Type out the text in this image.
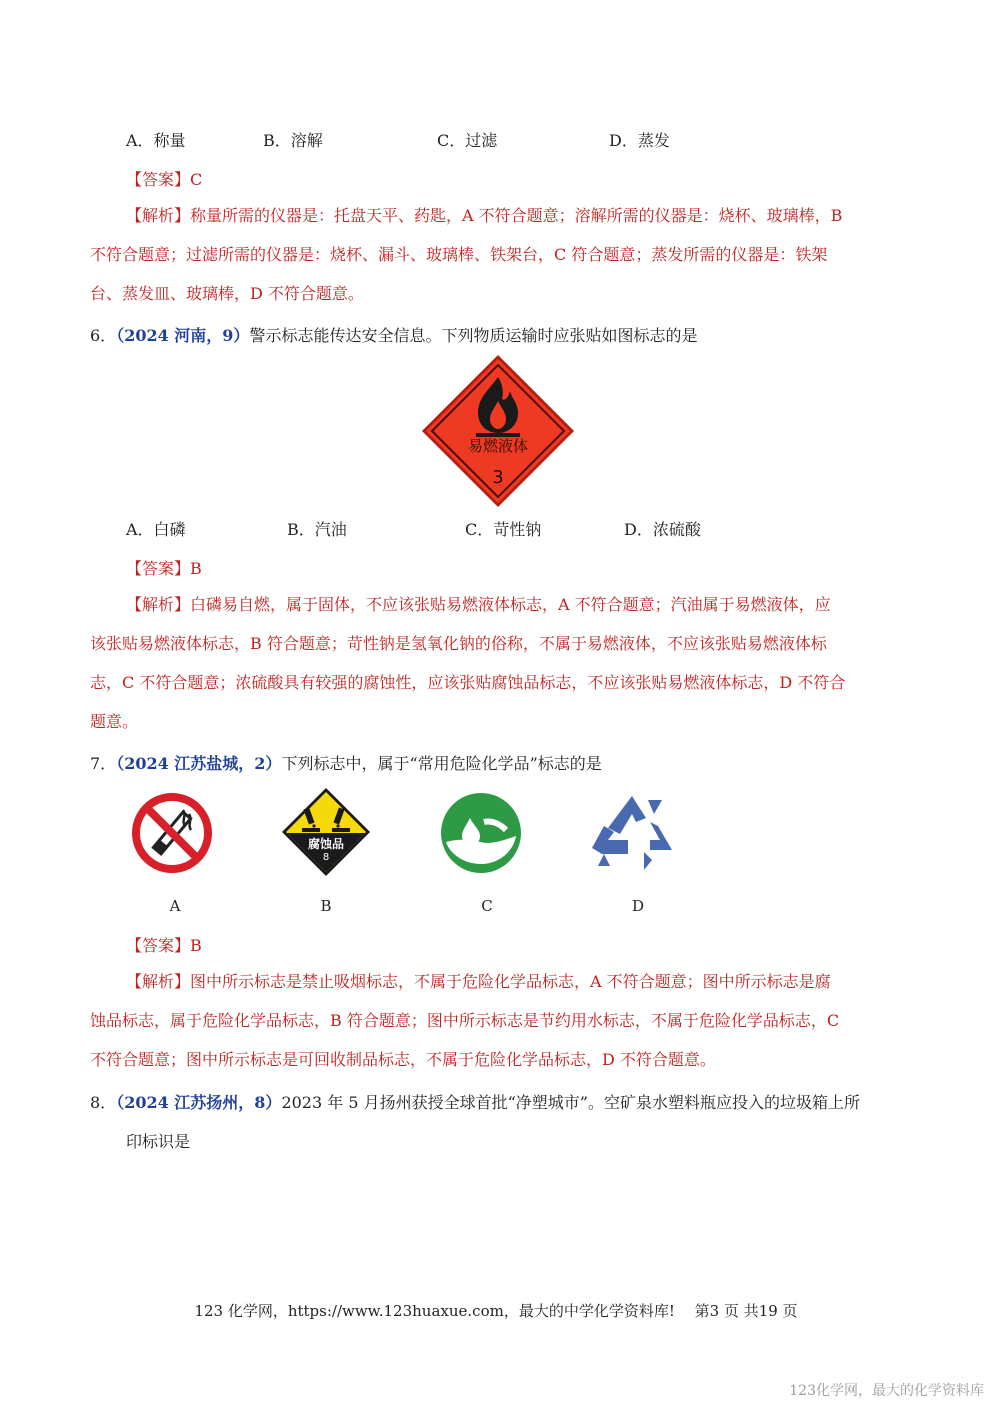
A．称量	B．溶解	C．过滤	D．蒸发
【答案】C
【解析】称量所需的仪器是：托盘天平、药匙，A 不符合题意；溶解所需的仪器是：烧杯、玻璃棒，B
不符合题意；过滤所需的仪器是：烧杯、漏斗、玻璃棒、铁架台，C 符合题意；蒸发所需的仪器是：铁架
台、蒸发皿、玻璃棒，D 不符合题意。
6．（2024 河南，9）警示标志能传达安全信息。下列物质运输时应张贴如图标志的是
易燃液体
3
A．白磷	B．汽油	C．苛性钠	D．浓硫酸
【答案】B
【解析】白磷易自燃，属于固体，不应该张贴易燃液体标志，A 不符合题意；汽油属于易燃液体，应
该张贴易燃液体标志，B 符合题意；苛性钠是氢氧化钠的俗称，不属于易燃液体，不应该张贴易燃液体标
志，C 不符合题意；浓硫酸具有较强的腐蚀性，应该张贴腐蚀品标志，不应该张贴易燃液体标志，D 不符合
题意。
7．（2024 江苏盐城，2）下列标志中，属于“常用危险化学品”标志的是
腐蚀品
8
A	B	C	D
【答案】B
【解析】图中所示标志是禁止吸烟标志，不属于危险化学品标志，A 不符合题意；图中所示标志是腐
蚀品标志，属于危险化学品标志，B 符合题意；图中所示标志是节约用水标志，不属于危险化学品标志，C
不符合题意；图中所示标志是可回收制品标志，不属于危险化学品标志，D 不符合题意。
8．（2024 江苏扬州，8）2023 年 5 月扬州获授全球首批“净塑城市”。空矿泉水塑料瓶应投入的垃圾箱上所
印标识是
123 化学网，https://www.123huaxue.com，最大的中学化学资料库!　 第3 页 共19 页
123化学网，最大的化学资料库
